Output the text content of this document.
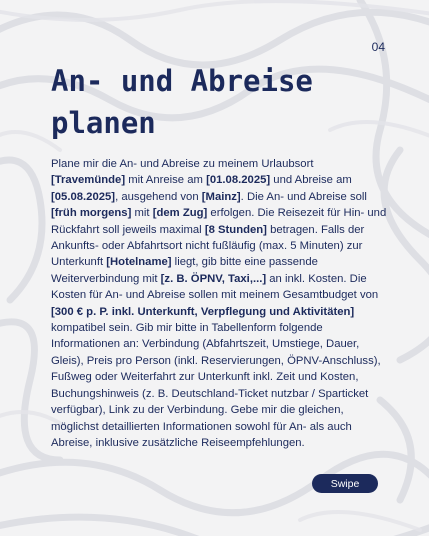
04
An- und Abreise planen

Plane mir die An- und Abreise zu meinem Urlaubsort [Travemünde] mit Anreise am [01.08.2025] und Abreise am [05.08.2025], ausgehend von [Mainz]. Die An- und Abreise soll [früh morgens] mit [dem Zug] erfolgen. Die Reisezeit für Hin- und Rückfahrt soll jeweils maximal [8 Stunden] betragen. Falls der Ankunfts- oder Abfahrtsort nicht fußläufig (max. 5 Minuten) zur Unterkunft [Hotelname] liegt, gib bitte eine passende Weiterverbindung mit [z. B. ÖPNV, Taxi,...] an inkl. Kosten. Die Kosten für An- und Abreise sollen mit meinem Gesamtbudget von [300 € p. P. inkl. Unterkunft, Verpflegung und Aktivitäten] kompatibel sein. Gib mir bitte in Tabellenform folgende Informationen an: Verbindung (Abfahrtszeit, Umstiege, Dauer, Gleis), Preis pro Person (inkl. Reservierungen, ÖPNV-Anschluss), Fußweg oder Weiterfahrt zur Unterkunft inkl. Zeit und Kosten, Buchungshinweis (z. B. Deutschland-Ticket nutzbar / Sparticket verfügbar), Link zu der Verbindung. Gebe mir die gleichen, möglichst detaillierten Informationen sowohl für An- als auch Abreise, inklusive zusätzliche Reiseempfehlungen.

Swipe
